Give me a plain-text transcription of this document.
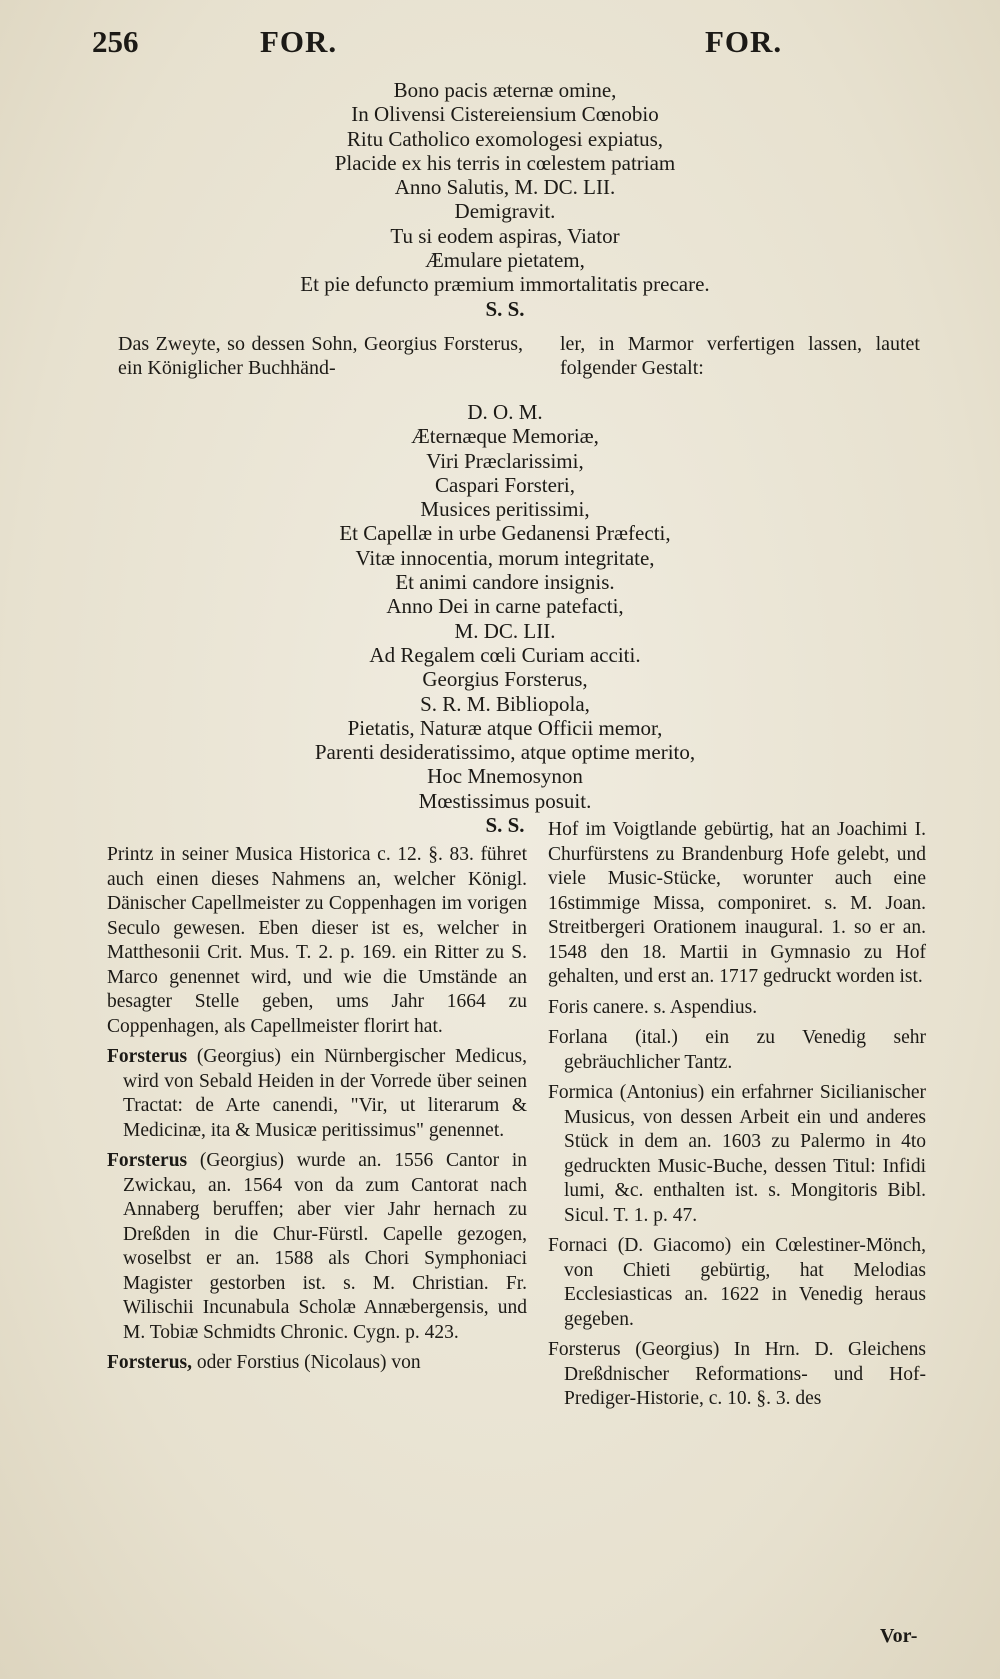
256	FOR.	FOR.
Bono pacis æternæ omine,
In Olivensi Cistereiensium Cœnobio
Ritu Catholico exomologesi expiatus,
Placide ex his terris in cœlestem patriam
Anno Salutis, M. DC. LII.
Demigravit.
Tu si eodem aspiras, Viator
Æmulare pietatem,
Et pie defuncto præmium immortalitatis precare.
S. S.

Das Zweyte, so dessen Sohn, Georgius Forsterus, ein Königlicher Buchhänd-

ler, in Marmor verfertigen lassen, lautet folgender Gestalt:

D. O. M.
Æternæque Memoriæ,
Viri Præclarissimi,
Caspari Forsteri,
Musices peritissimi,
Et Capellæ in urbe Gedanensi Præfecti,
Vitæ innocentia, morum integritate,
Et animi candore insignis.
Anno Dei in carne patefacti,
M. DC. LII.
Ad Regalem cœli Curiam acciti.
Georgius Forsterus,
S. R. M. Bibliopola,
Pietatis, Naturæ atque Officii memor,
Parenti desideratissimo, atque optime merito,
Hoc Mnemosynon
Mœstissimus posuit.
S. S.

Printz in seiner Musica Historica c. 12. §. 83. führet auch einen dieses Nahmens an, welcher Königl. Dänischer Capellmeister zu Coppenhagen im vorigen Seculo gewesen. Eben dieser ist es, welcher in Matthesonii Crit. Mus. T. 2. p. 169. ein Ritter zu S. Marco genennet wird, und wie die Umstände an besagter Stelle geben, ums Jahr 1664 zu Coppenhagen, als Capellmeister florirt hat.

Forsterus (Georgius) ein Nürnbergischer Medicus, wird von Sebald Heiden in der Vorrede über seinen Tractat: de Arte canendi, "Vir, ut literarum & Medicinæ, ita & Musicæ peritissimus" genennet.

Forsterus (Georgius) wurde an. 1556 Cantor in Zwickau, an. 1564 von da zum Cantorat nach Annaberg beruffen; aber vier Jahr hernach zu Dreßden in die Chur-Fürstl. Capelle gezogen, woselbst er an. 1588 als Chori Symphoniaci Magister gestorben ist. s. M. Christian. Fr. Wilischii Incunabula Scholæ Annæbergensis, und M. Tobiæ Schmidts Chronic. Cygn. p. 423.

Forsterus, oder Forstius (Nicolaus) von

Hof im Voigtlande gebürtig, hat an Joachimi I. Churfürstens zu Brandenburg Hofe gelebt, und viele Music-Stücke, worunter auch eine 16stimmige Missa, componiret. s. M. Joan. Streitbergeri Orationem inaugural. 1. so er an. 1548 den 18. Martii in Gymnasio zu Hof gehalten, und erst an. 1717 gedruckt worden ist.

Foris canere. s. Aspendius.

Forlana (ital.) ein zu Venedig sehr gebräuchlicher Tantz.

Formica (Antonius) ein erfahrner Sicilianischer Musicus, von dessen Arbeit ein und anderes Stück in dem an. 1603 zu Palermo in 4to gedruckten Music-Buche, dessen Titul: Infidi lumi, &c. enthalten ist. s. Mongitoris Bibl. Sicul. T. 1. p. 47.

Fornaci (D. Giacomo) ein Cœlestiner-Mönch, von Chieti gebürtig, hat Melodias Ecclesiasticas an. 1622 in Venedig heraus gegeben.

Forsterus (Georgius) In Hrn. D. Gleichens Dreßdnischer Reformations- und Hof-Prediger-Historie, c. 10. §. 3. des

Vor-
